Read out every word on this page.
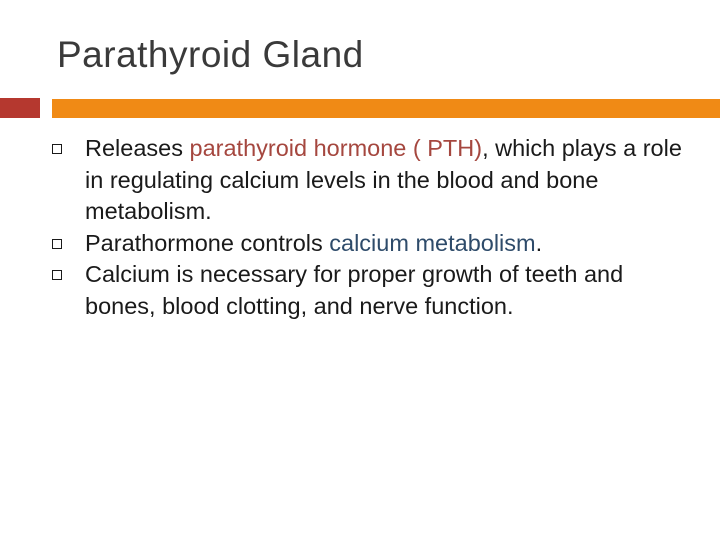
Parathyroid Gland
Releases parathyroid hormone ( PTH), which plays a role in regulating calcium levels in the blood and bone metabolism.
Parathormone controls calcium metabolism.
Calcium is necessary for proper growth of teeth and bones, blood clotting, and nerve function.
